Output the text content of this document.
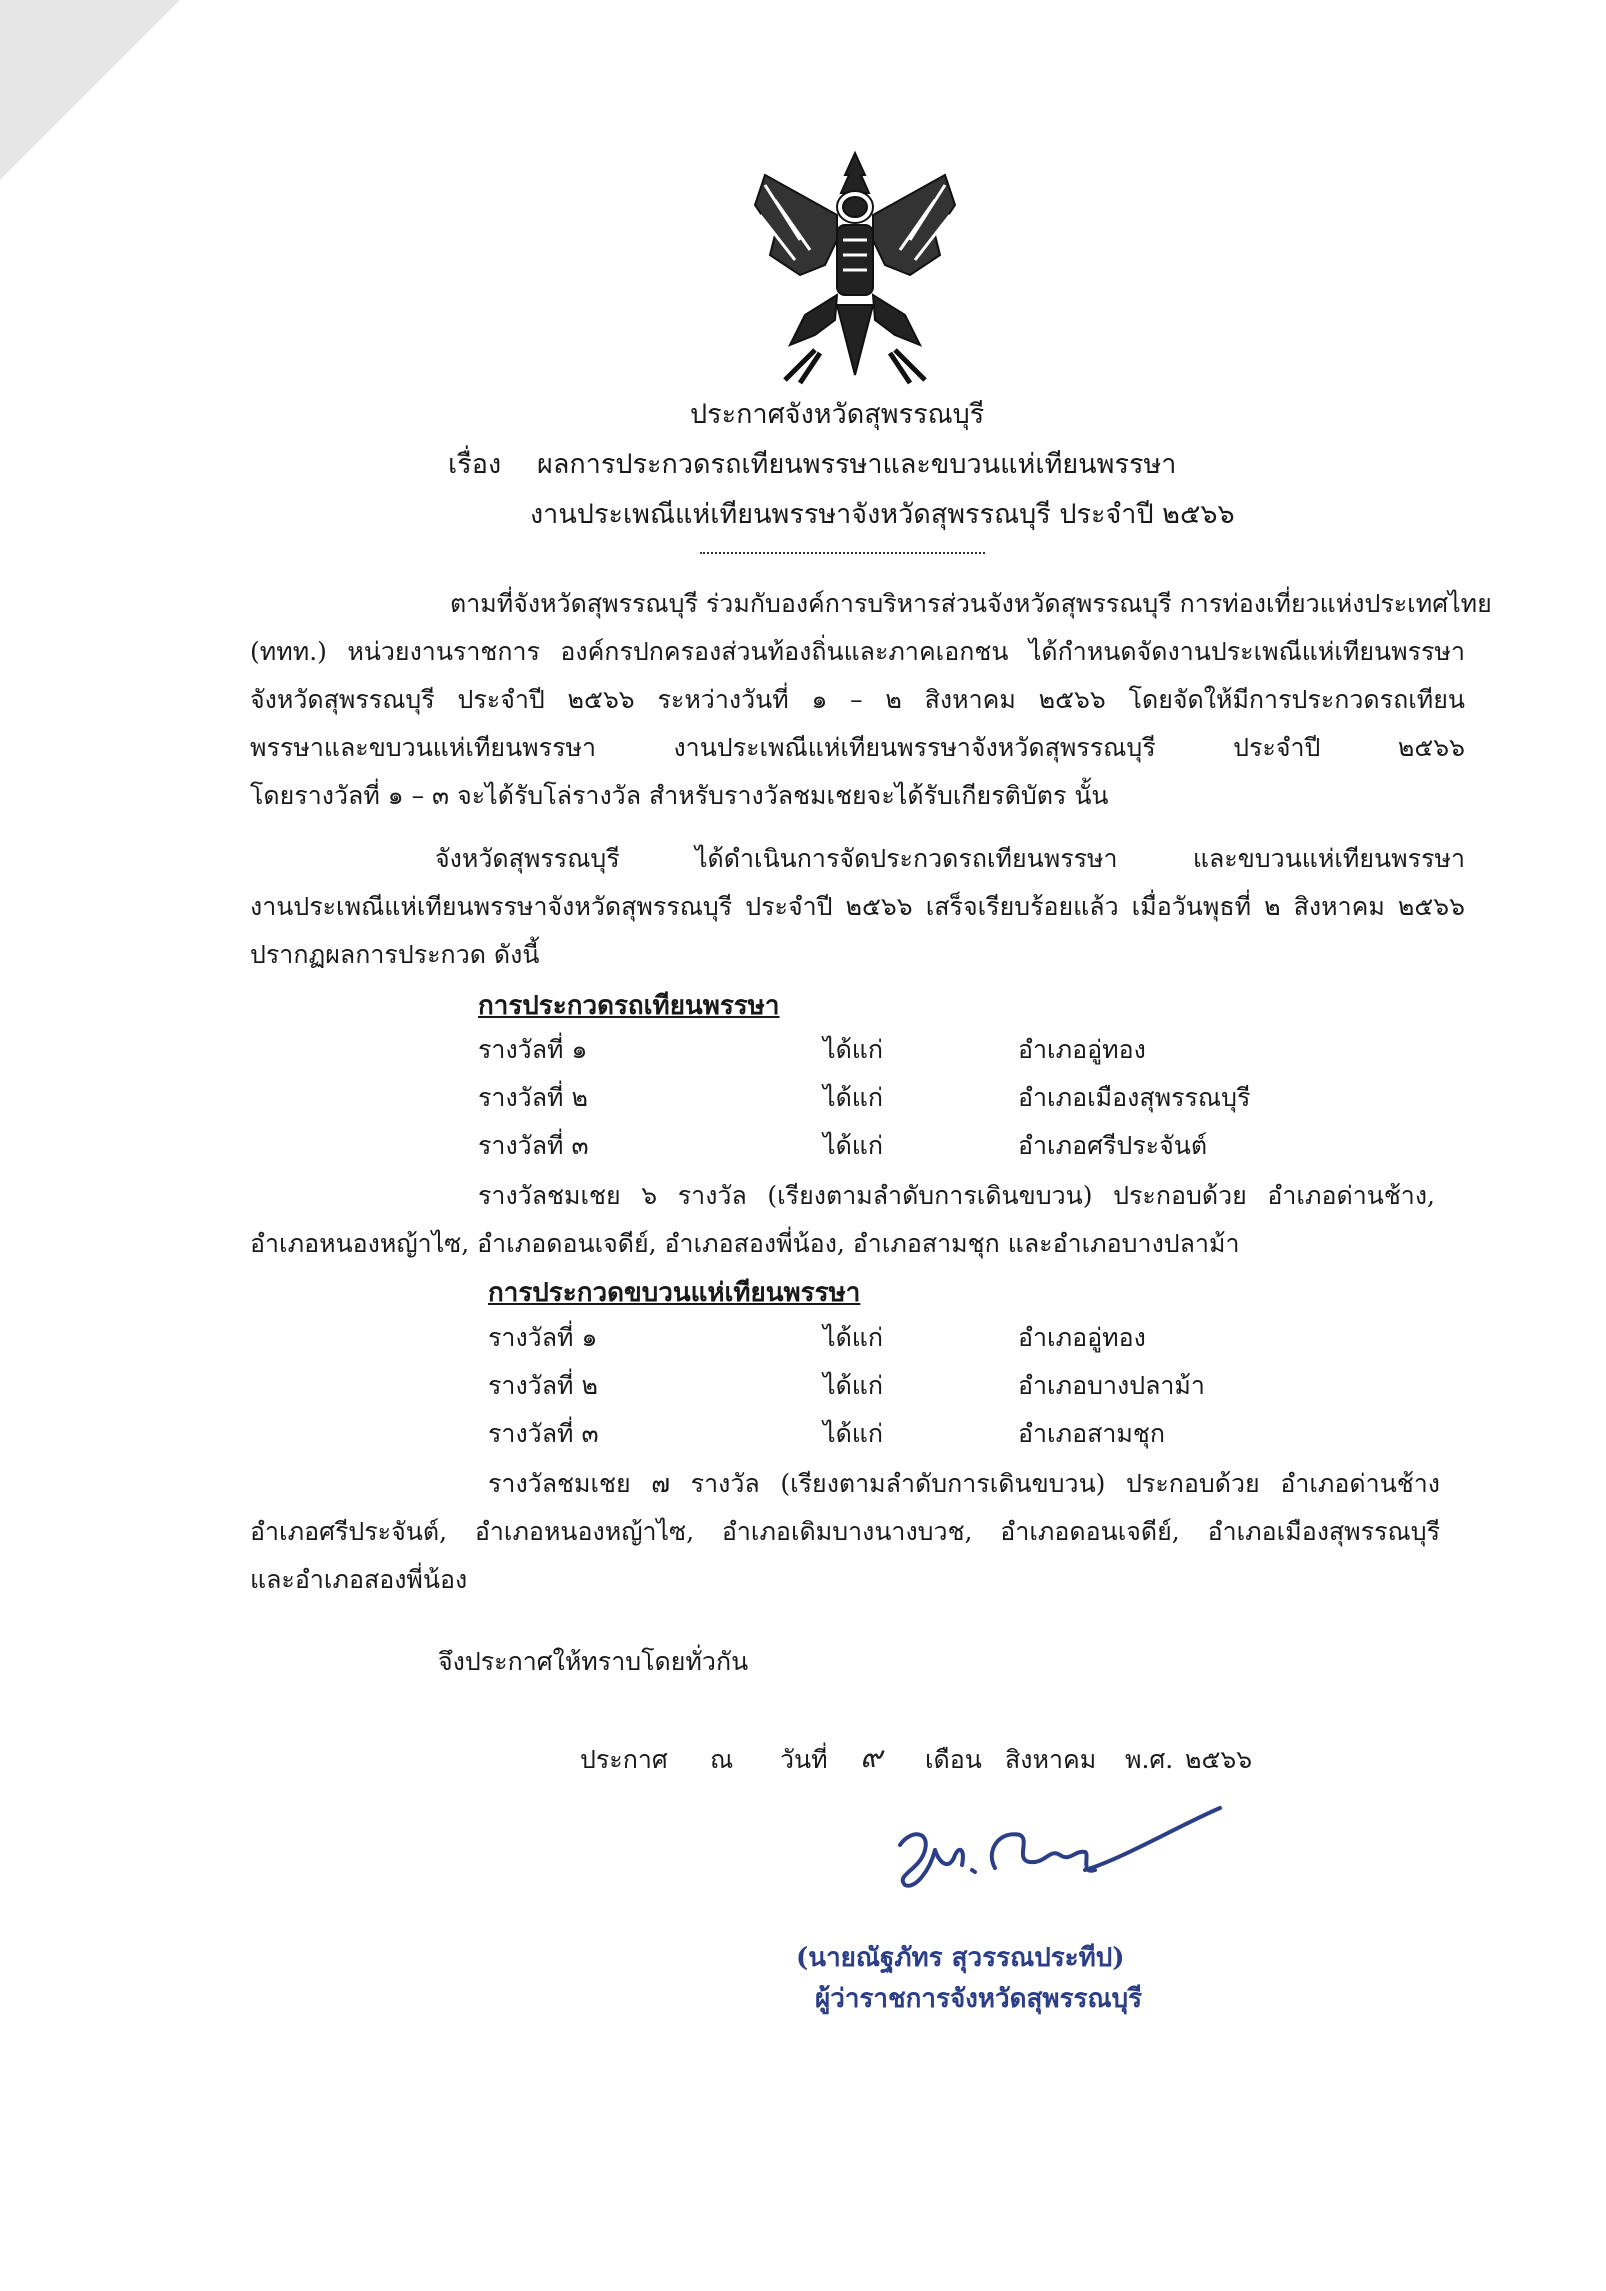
ประกาศจังหวัดสุพรรณบุรี
เรื่อง ผลการประกวดรถเทียนพรรษาและขบวนแห่เทียนพรรษา
งานประเพณีแห่เทียนพรรษาจังหวัดสุพรรณบุรี ประจำปี ๒๕๖๖
ตามที่จังหวัดสุพรรณบุรี ร่วมกับองค์การบริหารส่วนจังหวัดสุพรรณบุรี การท่องเที่ยวแห่งประเทศไทย
(ททท.) หน่วยงานราชการ องค์กรปกครองส่วนท้องถิ่นและภาคเอกชน ได้กำหนดจัดงานประเพณีแห่เทียนพรรษา
จังหวัดสุพรรณบุรี ประจำปี ๒๕๖๖ ระหว่างวันที่ ๑ – ๒ สิงหาคม ๒๕๖๖ โดยจัดให้มีการประกวดรถเทียน
พรรษาและขบวนแห่เทียนพรรษา งานประเพณีแห่เทียนพรรษาจังหวัดสุพรรณบุรี ประจำปี ๒๕๖๖
โดยรางวัลที่ ๑ – ๓ จะได้รับโล่รางวัล สำหรับรางวัลชมเชยจะได้รับเกียรติบัตร นั้น
จังหวัดสุพรรณบุรี ได้ดำเนินการจัดประกวดรถเทียนพรรษา และขบวนแห่เทียนพรรษา
งานประเพณีแห่เทียนพรรษาจังหวัดสุพรรณบุรี ประจำปี ๒๕๖๖ เสร็จเรียบร้อยแล้ว เมื่อวันพุธที่ ๒ สิงหาคม ๒๕๖๖
ปรากฏผลการประกวด ดังนี้
การประกวดรถเทียนพรรษา
รางวัลที่ ๑	ได้แก่	อำเภออู่ทอง
รางวัลที่ ๒	ได้แก่	อำเภอเมืองสุพรรณบุรี
รางวัลที่ ๓	ได้แก่	อำเภอศรีประจันต์
รางวัลชมเชย ๖ รางวัล (เรียงตามลำดับการเดินขบวน) ประกอบด้วย อำเภอด่านช้าง,
อำเภอหนองหญ้าไซ, อำเภอดอนเจดีย์, อำเภอสองพี่น้อง, อำเภอสามชุก และอำเภอบางปลาม้า
การประกวดขบวนแห่เทียนพรรษา
รางวัลที่ ๑	ได้แก่	อำเภออู่ทอง
รางวัลที่ ๒	ได้แก่	อำเภอบางปลาม้า
รางวัลที่ ๓	ได้แก่	อำเภอสามชุก
รางวัลชมเชย ๗ รางวัล (เรียงตามลำดับการเดินขบวน) ประกอบด้วย อำเภอด่านช้าง
อำเภอศรีประจันต์, อำเภอหนองหญ้าไซ, อำเภอเดิมบางนางบวช, อำเภอดอนเจดีย์, อำเภอเมืองสุพรรณบุรี
และอำเภอสองพี่น้อง
จึงประกาศให้ทราบโดยทั่วกัน
ประกาศ ณ วันที่ ๙ เดือน สิงหาคม พ.ศ. ๒๕๖๖
(นายณัฐภัทร สุวรรณประทีป)
ผู้ว่าราชการจังหวัดสุพรรณบุรี
